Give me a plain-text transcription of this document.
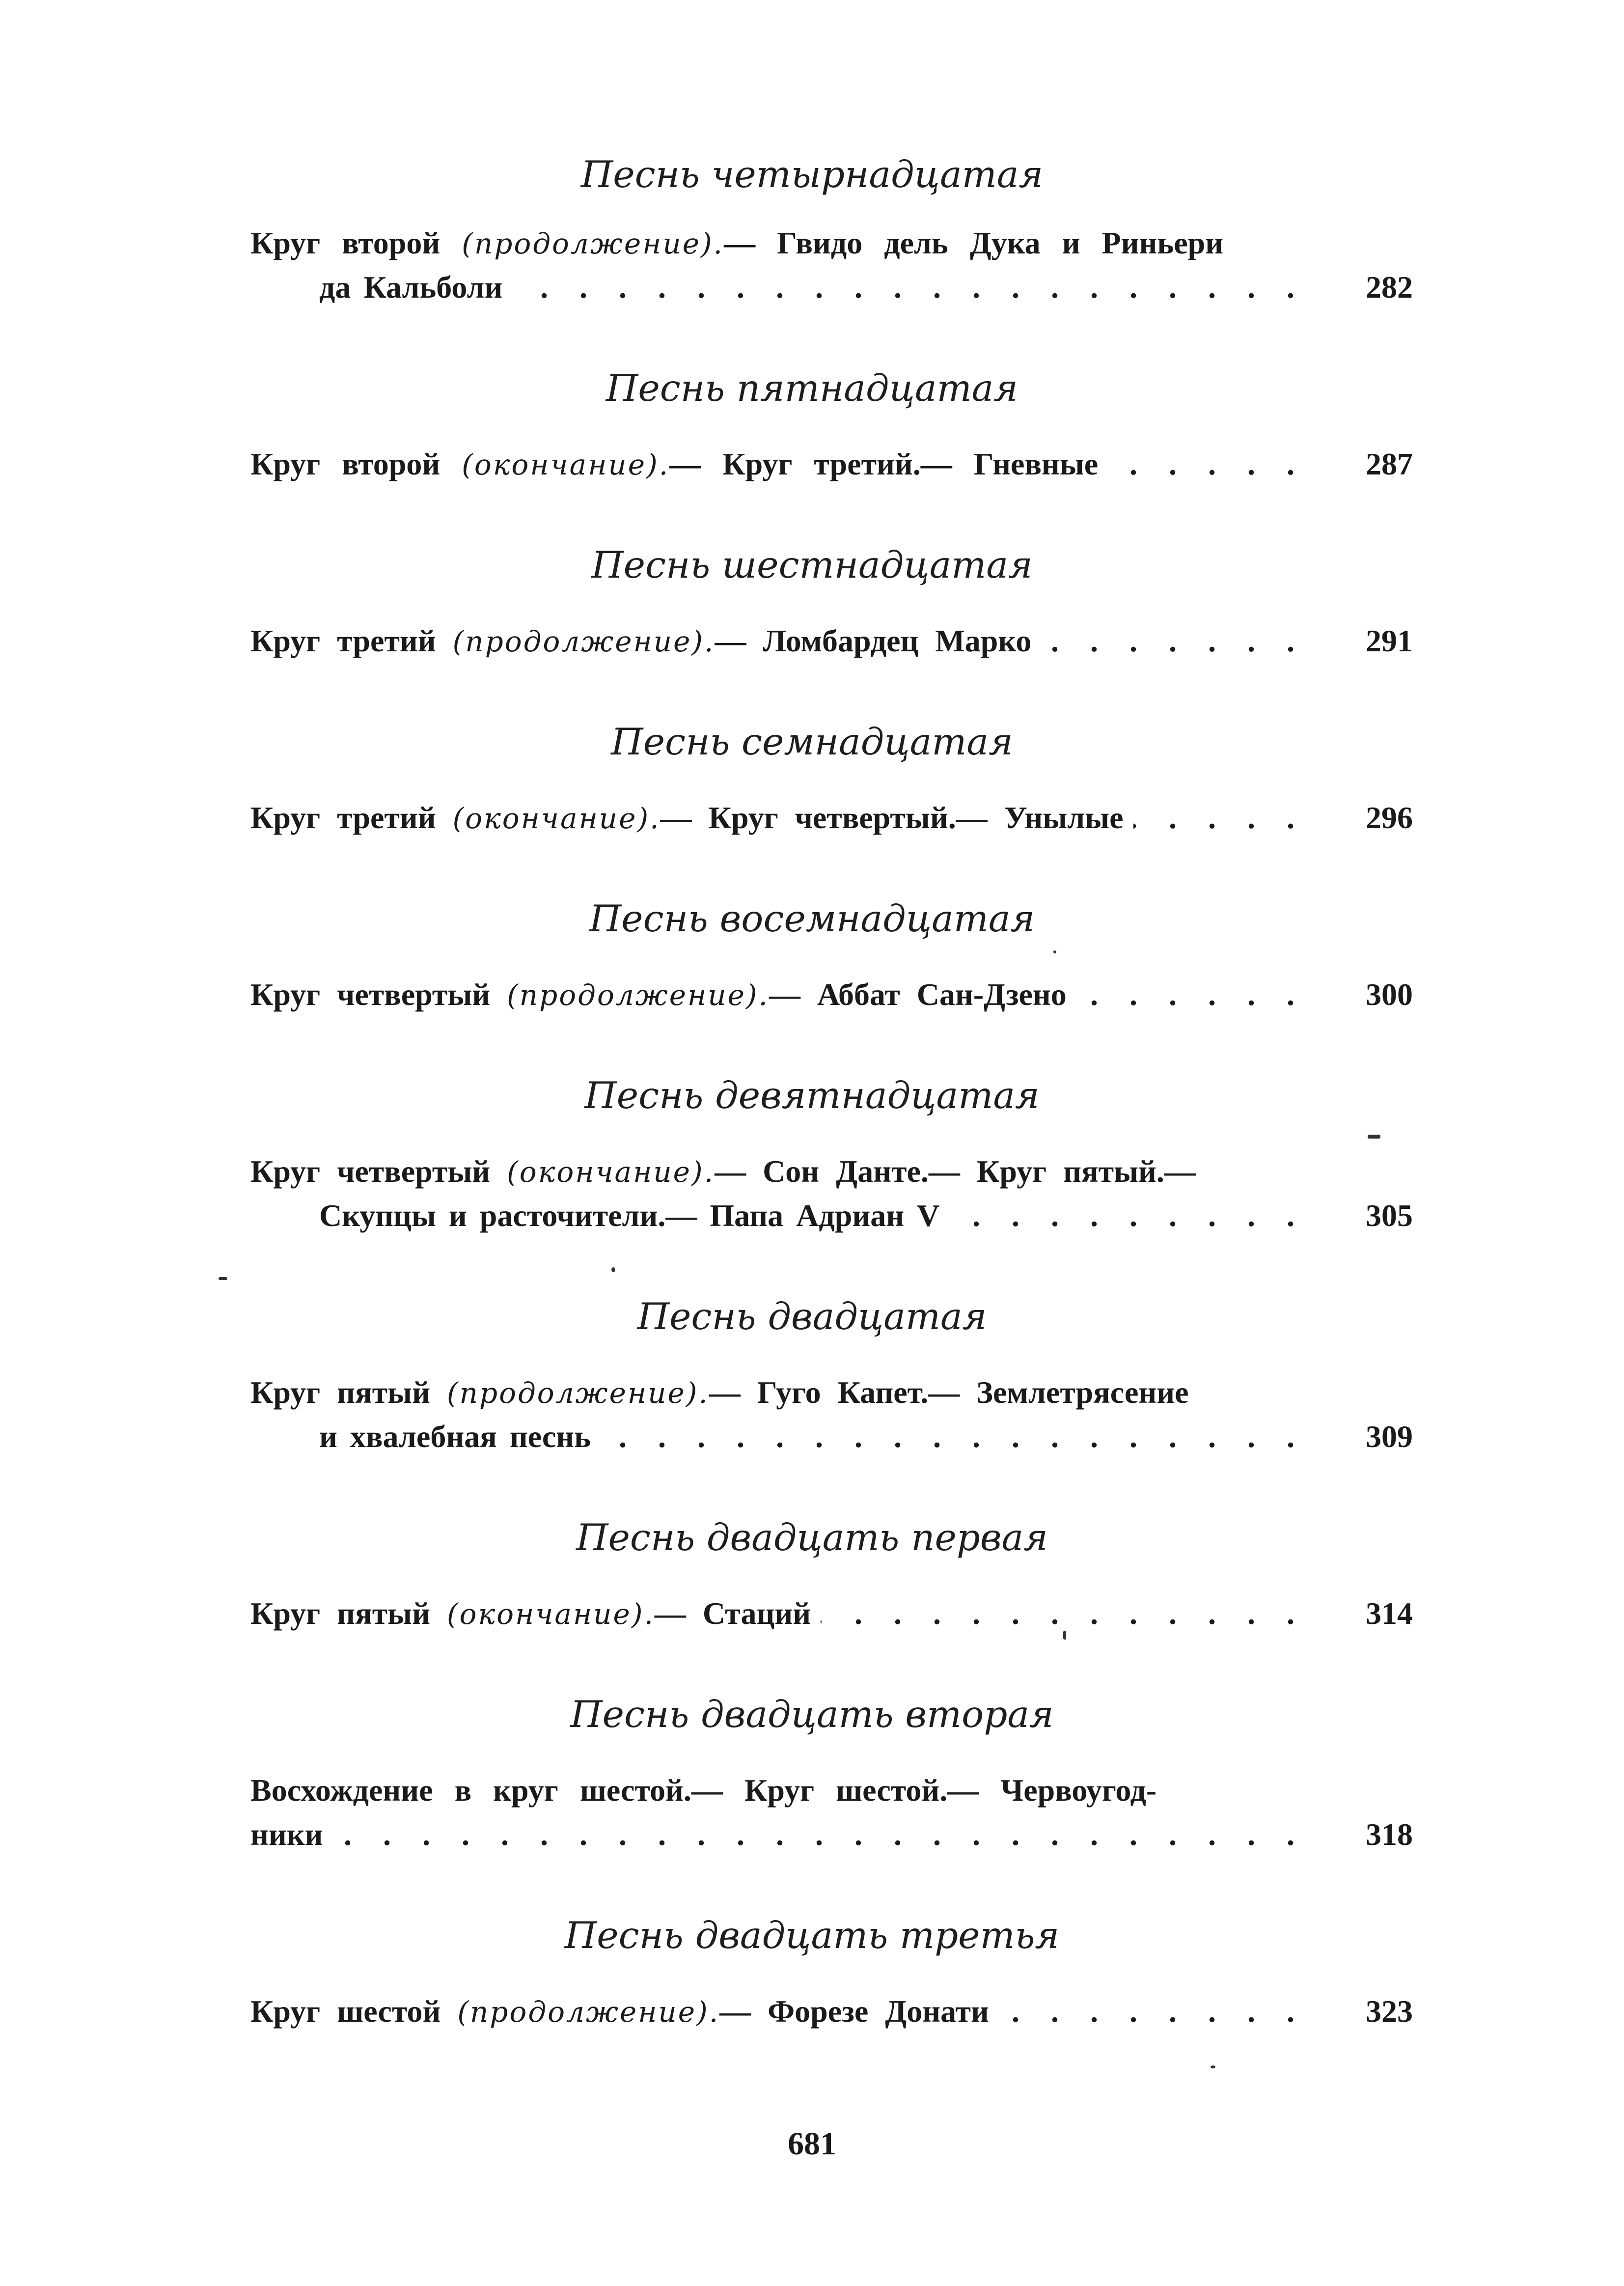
Песнь четырнадцатая
Круг второй (продолжение).— Гвидо дель Дука и Риньери
да Кальболи . . .	282
Песнь пятнадцатая
Круг второй (окончание). — Круг третий.— Гневные . . .	287
Песнь шестнадцатая
Круг третий (продолжение). — Ломбардец Марко . . .	291
Песнь семнадцатая
Круг третий (окончание). — Круг четвертый.— Унылые . . .	296
Песнь восемнадцатая
Круг четвертый (продолжение). — Аббат Сан-Дзено . . .	300
Песнь девятнадцатая
Круг четвертый (окончание).— Сон Данте.— Круг пятый.—
Скупцы и расточители.— Папа Адриан V . . .	305
Песнь двадцатая
Круг пятый (продолжение).— Гуго Капет.— Землетрясение
и хвалебная песнь . . .	309
Песнь двадцать первая
Круг пятый (окончание). — Стаций . . .	314
Песнь двадцать вторая
Восхождение в круг шестой.— Круг шестой.— Червоугод-
ники . . .	318
Песнь двадцать третья
Круг шестой (продолжение). — Форезе Донати . . .	323
681
